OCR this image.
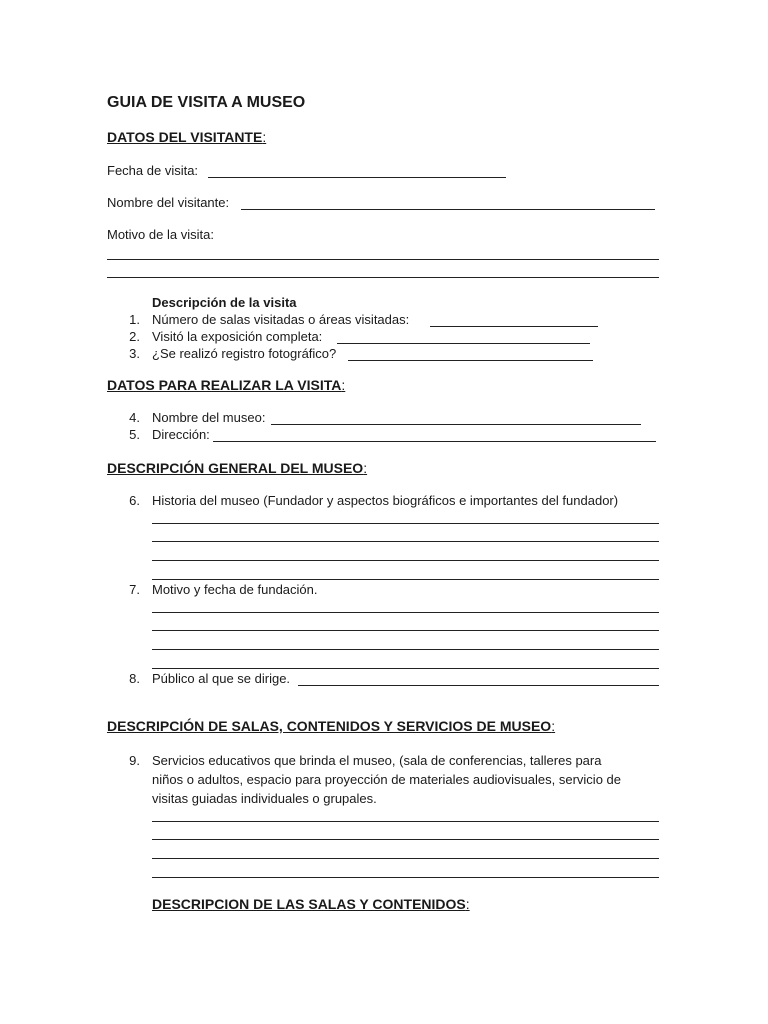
GUIA DE VISITA A MUSEO
DATOS DEL VISITANTE:
Fecha de visita:
Nombre del visitante:
Motivo de la visita:
Descripción de la visita
1. Número de salas visitadas o áreas visitadas:
2. Visitó la exposición completa:
3. ¿Se realizó registro fotográfico?
DATOS PARA REALIZAR LA VISITA:
4. Nombre del museo:
5. Dirección:
DESCRIPCIÓN GENERAL DEL MUSEO:
6. Historia del museo (Fundador y aspectos biográficos e importantes del fundador)
7. Motivo y fecha de fundación.
8. Público al que se dirige.
DESCRIPCIÓN DE SALAS, CONTENIDOS Y SERVICIOS DE MUSEO:
9. Servicios educativos que brinda el museo, (sala de conferencias, talleres para
niños o adultos, espacio para proyección de materiales audiovisuales, servicio de
visitas guiadas individuales o grupales.
DESCRIPCION DE LAS SALAS Y CONTENIDOS:
